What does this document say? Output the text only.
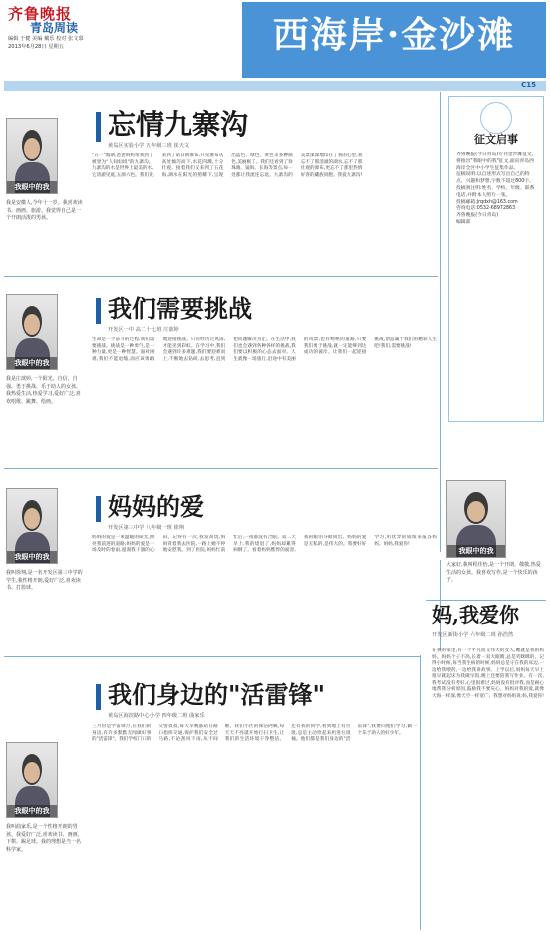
齐鲁晚报
青岛周读
编辑 于健 美编 戴乐 校对 张文慕
2013年6月28日 星期五	西海岸·金沙滩
C15
忘情九寨沟
黄岛区实验小学 五年级三班 崔天文
我眼中的我
我是安徽人,今年十一岁。我喜欢读书、画画、旅游。我觉得自己是一个开朗活泼的男孩。
"五一"假期,爸爸妈妈带我到了被誉为"人间仙境"的九寨沟。九寨沟的水是世界上最美的水,它清澈见底,五颜六色。我们先来到了诺日朗瀑布,只见瀑布从高处倾泻而下,水花四溅,十分壮观。接着我们又来到了五花海,湖水在阳光的照耀下,呈现出蓝色、绿色、黄色等多种颜色,美丽极了。我们还看到了珍珠滩、镜海、长海等景点,每一处都让我流连忘返。九寨沟的美景深深地印在了我的心里,我忘不了那清澈的湖水,忘不了那壮观的瀑布,更忘不了那里热情好客的藏族同胞。我爱九寨沟!
征文启事
齐鲁晚报(今日青岛)专刊金沙滩征文,将推出"我眼中的我"征文,面向青岛西海岸全区中小学生征集作品。
征稿说明:以自述形式写出自己的特点、兴趣和梦想,字数不超过800字。
投稿须注明:姓名、学校、年级、联系电话,并附本人照片一张。
投稿邮箱:jrqdxh@163.com
咨询电话:0532-68972863
齐鲁晚报(今日青岛)
编辑部
我们需要挑战
开发区一中 高二十七班 庄歆婷
我眼中的我
我是庄歆婷,一个阳光、自信、自强、勇于挑战、乐于助人的女孩。我热爱生活,热爱学习,爱好广泛,喜欢唱歌、跳舞、绘画。
生命是一个奋斗的过程,我们需要挑战。挑战是一种勇气,是一种力量,更是一种智慧。面对困难,我们不能退缩,而应该勇敢地迎接挑战。只有经历过风雨,才能见到彩虹。在学习中,我们会遇到许多难题,我们要迎难而上,不断地去钻研,去思考,直到把问题解决为止。在生活中,我们也会遇到各种各样的挑战,我们要以积极的心态去面对。人生就像一场旅行,沿途中有美丽的风景,也有崎岖的道路,只要我们勇于挑战,就一定能够到达成功的彼岸。让我们一起迎接挑战,创造属于我们的精彩人生吧!我们,需要挑战!
我眼中的我
大家好,我叫程佳怡,是一个开朗、敬敬,热爱生活的女孩。我喜欢写作,是一个快乐的孩子。
妈妈的爱
开发区第三中学 八年级一班 徐翔
我眼中的我
我叫徐翔,是一名开发区第三中学的学生,我性格开朗,爱好广泛,喜欢读书、打篮球。
妈妈的爱是一束温暖的阳光,照亮我前进的道路;妈妈的爱是一场及时的春雨,滋润我干涸的心田。记得有一次,我发高烧,妈妈背着我去医院,一路上她不停地安慰我。到了医院,妈妈忙前忙后,一夜都没有合眼。第二天早上,我的烧退了,妈妈却累得病倒了。看着妈妈憔悴的面容,我的眼泪夺眶而出。妈妈的爱是无私的,是伟大的。我要好好学习,用优异的成绩来报答妈妈。妈妈,我爱你!
妈,我爱你
开发区新街小学 六年级二班 孙浩然
在我的家里,有一个平凡而又伟大的女人,她就是我的妈妈。妈妈个子不高,长着一双大眼睛,总是笑眯眯的。记得小时候,每当我生病的时候,妈妈总是守在我的床边,一边给我喂药,一边给我讲故事。上学以后,妈妈每天早上很早就起床为我做早饭,晚上还要陪我写作业。有一次,我考试没有考好,心里很难过,妈妈没有批评我,而是耐心地帮我分析原因,鼓励我不要灰心。妈妈对我的爱,就像大海一样深,像天空一样宽广。我想对妈妈说:妈,我爱你!
我们身边的"活雷锋"
黄岛区海滨路中心小学 四年级二班 曲家乐
我眼中的我
我叫曲家乐,是一个性格开朗的男孩。我爱好广泛,喜欢读书、画画、下棋、踢足球。我的理想是当一名科学家。
三月份是学雷锋月,在我们的身边,有许多默默无闻做好事的"活雷锋"。我们学校门口的交警叔叔,每天早晚都站在路口指挥交通,保护我们安全过马路,不论刮风下雨,从不间断。我们小区的保洁阿姨,每天天不亮就开始打扫卫生,让我们的生活环境干净整洁。还有我的同学,看到地上有垃圾,总是主动捡起来扔进垃圾桶。他们都是我们身边的"活雷锋",我要向他们学习,做一个乐于助人的好少年。
